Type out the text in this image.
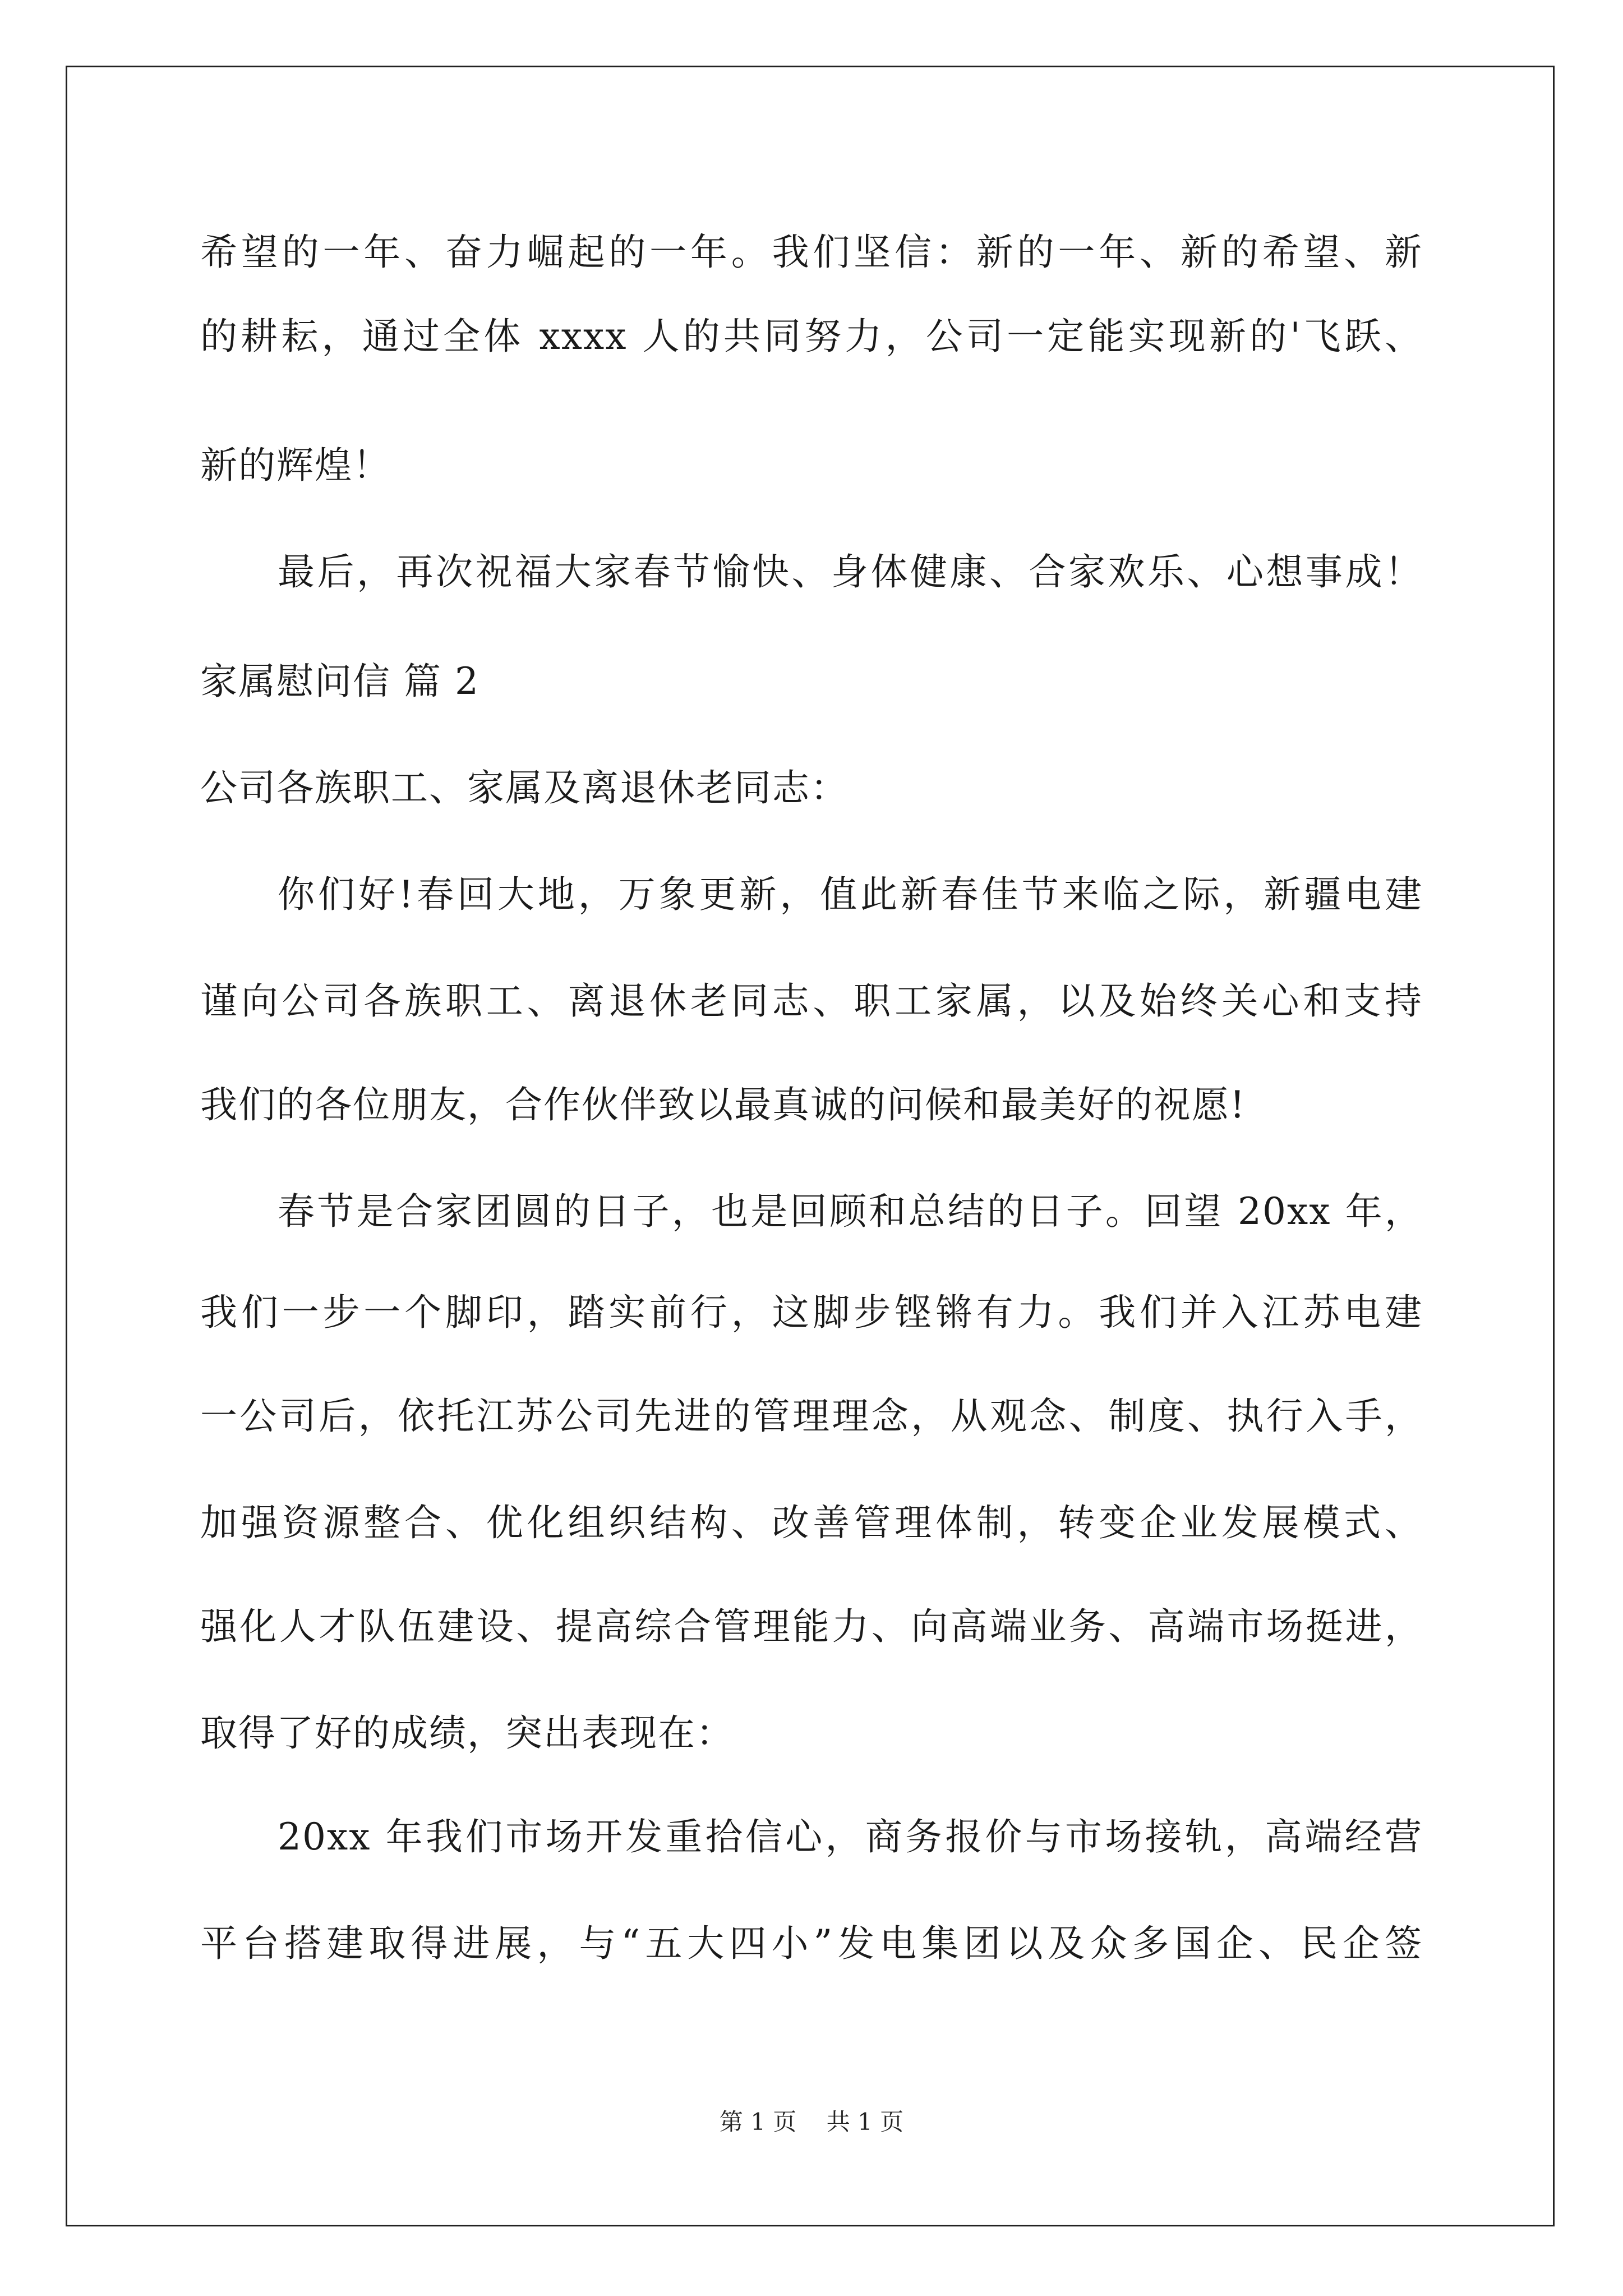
希望的一年、奋力崛起的一年。我们坚信：新的一年、新的希望、新
的耕耘，通过全体 xxxx 人的共同努力，公司一定能实现新的'飞跃、
新的辉煌！
最后，再次祝福大家春节愉快、身体健康、合家欢乐、心想事成！
家属慰问信 篇 2
公司各族职工、家属及离退休老同志：
你们好!春回大地，万象更新，值此新春佳节来临之际，新疆电建
谨向公司各族职工、离退休老同志、职工家属，以及始终关心和支持
我们的各位朋友，合作伙伴致以最真诚的问候和最美好的祝愿!
春节是合家团圆的日子，也是回顾和总结的日子。回望 20xx 年，
我们一步一个脚印，踏实前行，这脚步铿锵有力。我们并入江苏电建
一公司后，依托江苏公司先进的管理理念，从观念、制度、执行入手，
加强资源整合、优化组织结构、改善管理体制，转变企业发展模式、
强化人才队伍建设、提高综合管理能力、向高端业务、高端市场挺进，
取得了好的成绩，突出表现在：
20xx 年我们市场开发重拾信心，商务报价与市场接轨，高端经营
平台搭建取得进展，与“五大四小”发电集团以及众多国企、民企签
第 1 页 共 1 页
